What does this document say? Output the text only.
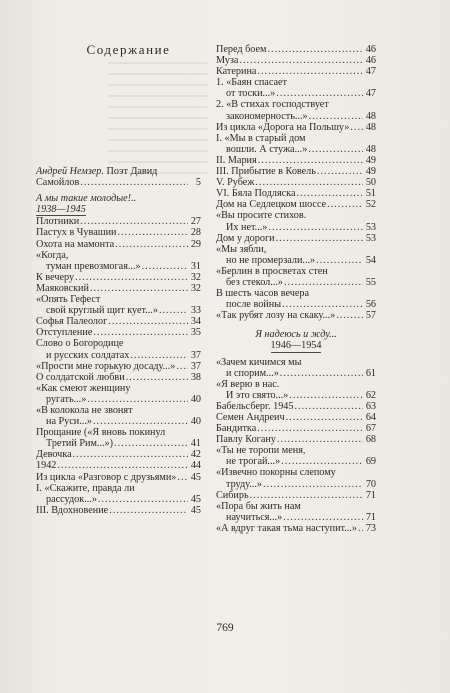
Содержание
Андрей Немзер. Поэт Давид
Самойлов .....	5
А мы такие молодые!..
1938—1945
Плотники .....	27
Пастух в Чувашии .....	28
Охота на мамонта .....	29
«Когда,
туман превозмогая...» .....	31
К вечеру .....	32
Маяковский .....	32
«Опять Гефест
свой круглый щит кует...» .....	33
Софья Палеолог .....	34
Отступление .....	35
Слово о Богородице
и русских солдатах .....	37
«Прости мне горькую досаду...» ..... 37
О солдатской любви .....	38
«Как смеют женщину
ругать...» .....	40
«В колокола не звонят
на Руси...» .....	40
Прощание («Я вновь покинул
Третий Рим...») .....	41
Девочка .....	42
1942 .....	44
Из цикла «Разговор с друзьями» ..... 45
I. «Скажите, правда ли
рассудок...» .....	45
III. Вдохновение .....	45
Перед боем .....	46
Муза .....	46
Катерина .....	47
1. «Баян спасает
от тоски...» .....	47
2. «В стихах господствует
закономерность...» .....	48
Из цикла «Дорога на Польшу» ..... 48
I. «Мы в старый дом
вошли. А стужа...» .....	48
II. Мария .....	49
III. Прибытие в Ковель .....	49
V. Рубеж .....	50
VI. Бяла Подляска .....	51
Дом на Седлецком шоссе .....	52
«Вы просите стихов.
Их нет...» .....	53
Дом у дороги .....	53
«Мы зябли,
но не промерзали...» .....	54
«Берлин в просветах стен
без стекол...» .....	55
В шесть часов вечера
после войны .....	56
«Так рубят лозу на скаку...» .....	57
Я надеюсь и жду...
1946—1954
«Зачем кичимся мы
и спорим...» .....	61
«Я верю в нас.
И это свято...» .....	62
Бабельсберг. 1945 .....	63
Семен Андреич .....	64
Бандитка .....	67
Павлу Когану .....	68
«Ты не торопи меня,
не трогай...» .....	69
«Извечно покорны слепому
труду...» .....	70
Сибирь .....	71
«Пора бы жить нам
научиться...» .....	71
«А вдруг такая тьма наступит...» ..... 73
769
